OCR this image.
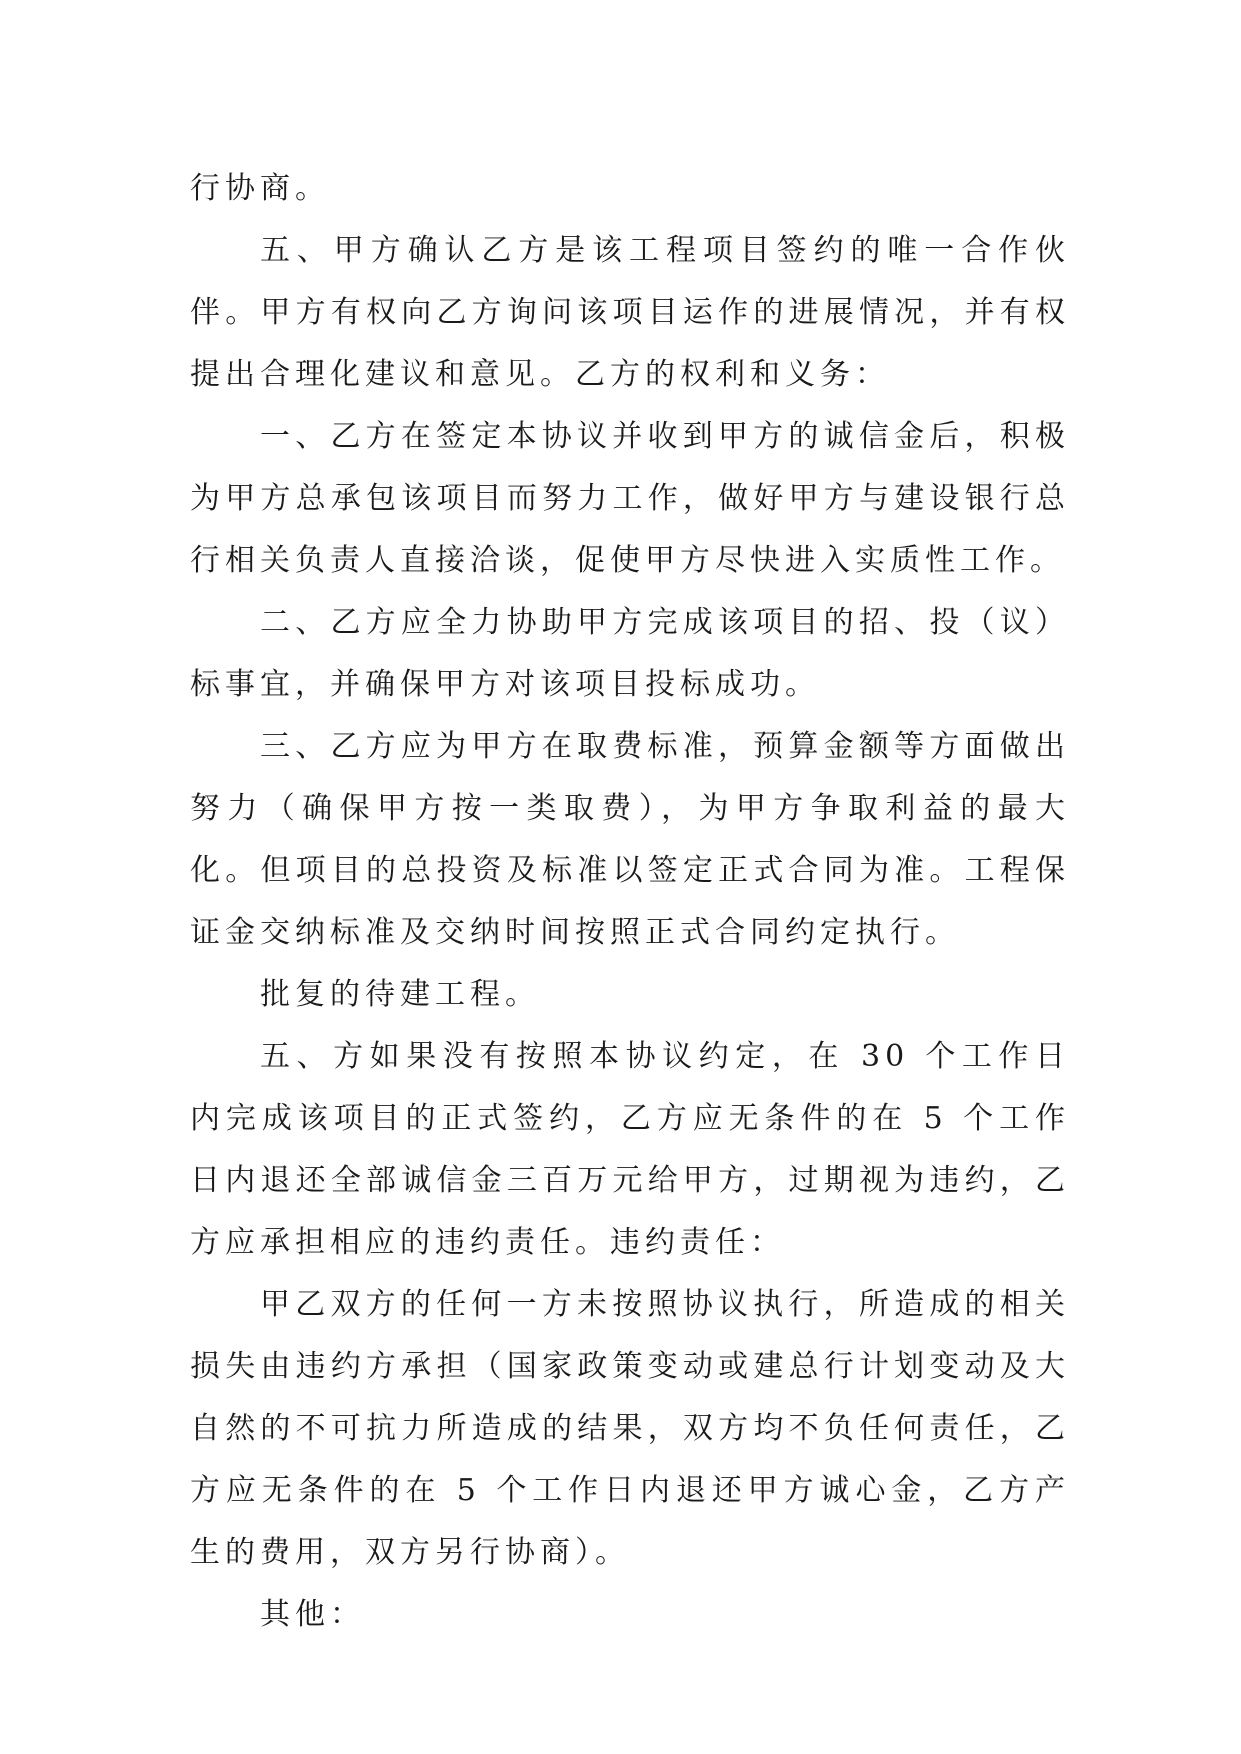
行协商。

五、甲方确认乙方是该工程项目签约的唯一合作伙伴。甲方有权向乙方询问该项目运作的进展情况，并有权提出合理化建议和意见。乙方的权利和义务：

一、乙方在签定本协议并收到甲方的诚信金后，积极为甲方总承包该项目而努力工作，做好甲方与建设银行总行相关负责人直接洽谈，促使甲方尽快进入实质性工作。

二、乙方应全力协助甲方完成该项目的招、投（议）标事宜，并确保甲方对该项目投标成功。

三、乙方应为甲方在取费标准，预算金额等方面做出努力（确保甲方按一类取费），为甲方争取利益的最大化。但项目的总投资及标准以签定正式合同为准。工程保证金交纳标准及交纳时间按照正式合同约定执行。

批复的待建工程。

五、方如果没有按照本协议约定，在 30 个工作日内完成该项目的正式签约，乙方应无条件的在 5 个工作日内退还全部诚信金三百万元给甲方，过期视为违约，乙方应承担相应的违约责任。违约责任：

甲乙双方的任何一方未按照协议执行，所造成的相关损失由违约方承担（国家政策变动或建总行计划变动及大自然的不可抗力所造成的结果，双方均不负任何责任，乙方应无条件的在 5 个工作日内退还甲方诚心金，乙方产生的费用，双方另行协商）。

其他：
